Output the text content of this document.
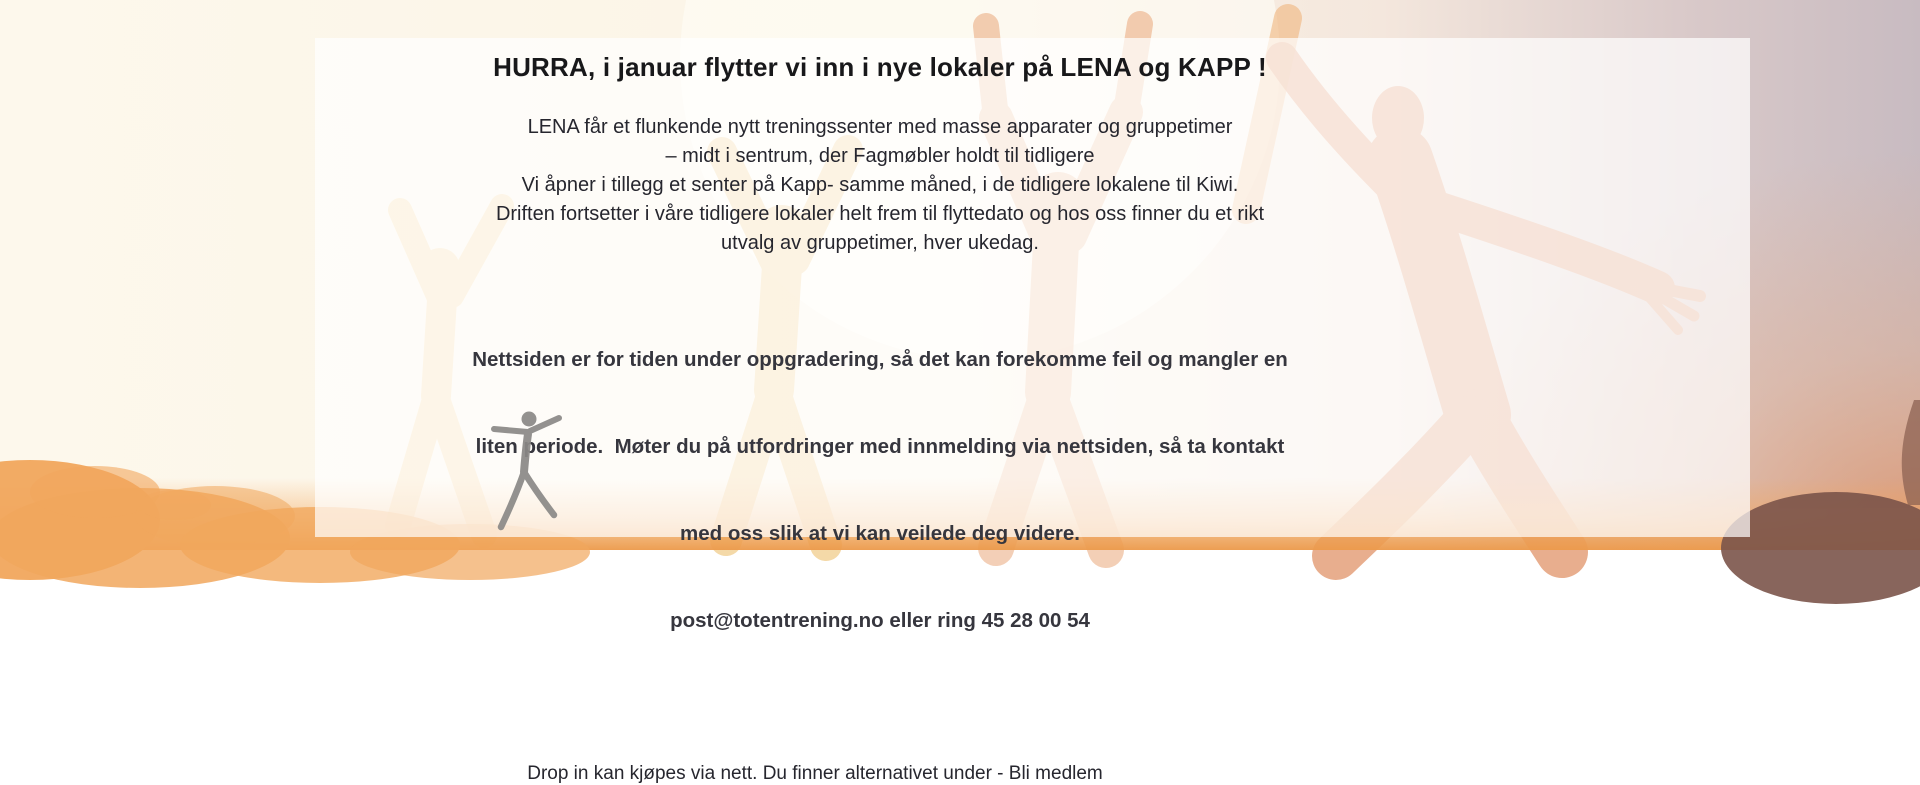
HURRA, i januar flytter vi inn i nye lokaler på LENA og KAPP !
LENA får et flunkende nytt treningssenter med masse apparater og gruppetimer
– midt i sentrum, der Fagmøbler holdt til tidligere
Vi åpner i tillegg et senter på Kapp- samme måned, i de tidligere lokalene til Kiwi.
Driften fortsetter i våre tidligere lokaler helt frem til flyttedato og hos oss finner du et rikt
utvalg av gruppetimer, hver ukedag.

Nettsiden er for tiden under oppgradering, så det kan forekomme feil og mangler en

liten periode.  Møter du på utfordringer med innmelding via nettsiden, så ta kontakt

med oss slik at vi kan veilede deg videre.

post@totentrening.no eller ring 45 28 00 54

Drop in kan kjøpes via nett. Du finner alternativet under - Bli medlem
